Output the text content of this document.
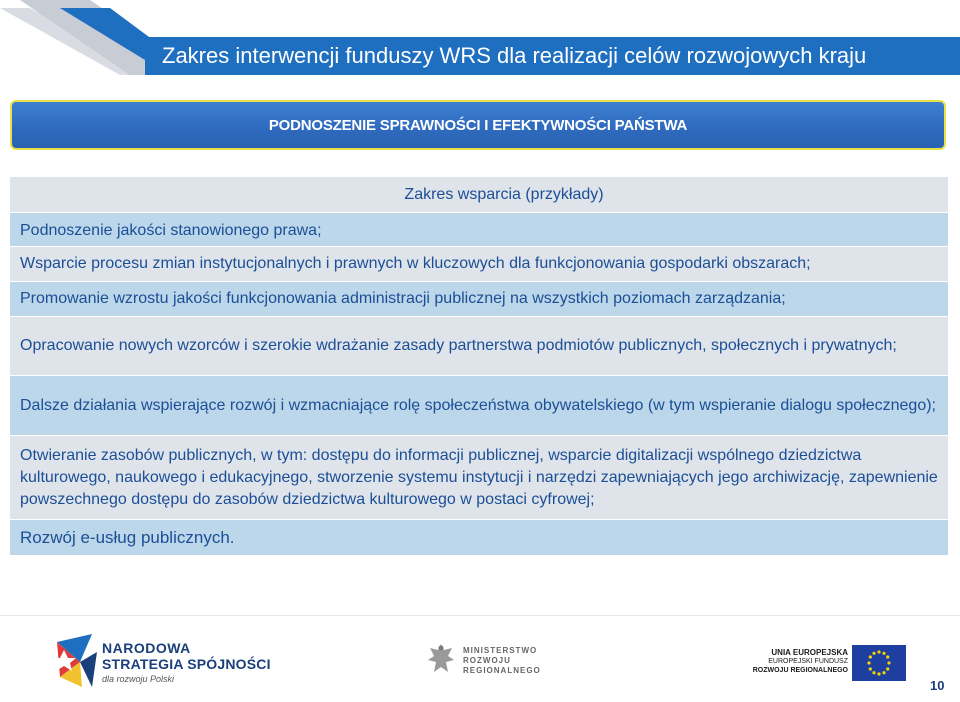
Zakres interwencji funduszy WRS dla realizacji celów rozwojowych kraju
PODNOSZENIE SPRAWNOŚCI I EFEKTYWNOŚCI PAŃSTWA
Zakres wsparcia (przykłady)
Podnoszenie jakości stanowionego prawa;
Wsparcie procesu zmian instytucjonalnych i prawnych w kluczowych dla funkcjonowania gospodarki obszarach;
Promowanie wzrostu jakości funkcjonowania administracji publicznej na wszystkich poziomach zarządzania;
Opracowanie nowych wzorców i szerokie wdrażanie zasady partnerstwa podmiotów publicznych, społecznych i prywatnych;
Dalsze działania wspierające rozwój i wzmacniające rolę społeczeństwa obywatelskiego (w tym wspieranie dialogu społecznego);
Otwieranie zasobów publicznych, w tym: dostępu do informacji publicznej, wsparcie digitalizacji wspólnego dziedzictwa kulturowego, naukowego i edukacyjnego, stworzenie systemu instytucji i narzędzi zapewniających jego archiwizację, zapewnienie powszechnego dostępu do zasobów dziedzictwa kulturowego w postaci cyfrowej;
Rozwój e-usług publicznych.
NARODOWA
STRATEGIA SPÓJNOŚCI
dla rozwoju Polski
MINISTERSTWO
ROZWOJU
REGIONALNEGO
UNIA EUROPEJSKA
EUROPEJSKI FUNDUSZ
ROZWOJU REGIONALNEGO
10
